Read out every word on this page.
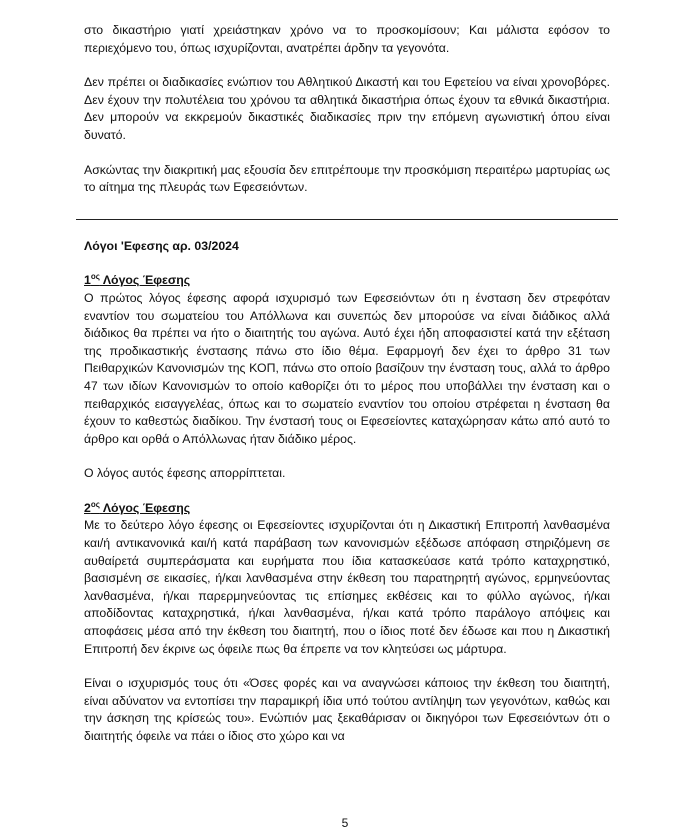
στο δικαστήριο γιατί χρειάστηκαν χρόνο να το προσκομίσουν; Και μάλιστα εφόσον το περιεχόμενο του, όπως ισχυρίζονται, ανατρέπει άρδην τα γεγονότα.

Δεν πρέπει οι διαδικασίες ενώπιον του Αθλητικού Δικαστή και του Εφετείου να είναι χρονοβόρες. Δεν έχουν την πολυτέλεια του χρόνου τα αθλητικά δικαστήρια όπως έχουν τα εθνικά δικαστήρια. Δεν μπορούν να εκκρεμούν δικαστικές διαδικασίες πριν την επόμενη αγωνιστική όπου είναι δυνατό.

Ασκώντας την διακριτική μας εξουσία δεν επιτρέπουμε την προσκόμιση περαιτέρω μαρτυρίας ως το αίτημα της πλευράς των Εφεσειόντων.

Λόγοι 'Εφεσης αρ. 03/2024

$1^{o\varsigma}$ Λόγος Έφεσης

Ο πρώτος λόγος έφεσης αφορά ισχυρισμό των Εφεσειόντων ότι η ένσταση δεν στρεφόταν εναντίον του σωματείου του Απόλλωνα και συνεπώς δεν μπορούσε να είναι διάδικος αλλά διάδικος θα πρέπει να ήτο ο διαιτητής του αγώνα. Αυτό έχει ήδη αποφασιστεί κατά την εξέταση της προδικαστικής ένστασης πάνω στο ίδιο θέμα. Εφαρμογή δεν έχει το άρθρο 31 των Πειθαρχικών Κανονισμών της ΚΟΠ, πάνω στο οποίο βασίζουν την ένσταση τους, αλλά το άρθρο 47 των ιδίων Κανονισμών το οποίο καθορίζει ότι το μέρος που υποβάλλει την ένσταση και ο πειθαρχικός εισαγγελέας, όπως και το σωματείο εναντίον του οποίου στρέφεται η ένσταση θα έχουν το καθεστώς διαδίκου. Την ένστασή τους οι Εφεσείοντες καταχώρησαν κάτω από αυτό το άρθρο και ορθά ο Απόλλωνας ήταν διάδικο μέρος.

Ο λόγος αυτός έφεσης απορρίπτεται.

$2^{o\varsigma}$ Λόγος Έφεσης

Με το δεύτερο λόγο έφεσης οι Εφεσείοντες ισχυρίζονται ότι η Δικαστική Επιτροπή λανθασμένα και/ή αντικανονικά και/ή κατά παράβαση των κανονισμών εξέδωσε απόφαση στηριζόμενη σε αυθαίρετά συμπεράσματα και ευρήματα που ίδια κατασκεύασε κατά τρόπο καταχρηστικό, βασισμένη σε εικασίες, ή/και λανθασμένα στην έκθεση του παρατηρητή αγώνος, ερμηνεύοντας λανθασμένα, ή/και παρερμηνεύοντας τις επίσημες εκθέσεις και το φύλλο αγώνος, ή/και αποδίδοντας καταχρηστικά, ή/και λανθασμένα, ή/και κατά τρόπο παράλογο απόψεις και αποφάσεις μέσα από την έκθεση του διαιτητή, που ο ίδιος ποτέ δεν έδωσε και που η Δικαστική Επιτροπή δεν έκρινε ως όφειλε πως θα έπρεπε να τον κλητεύσει ως μάρτυρα.

Είναι ο ισχυρισμός τους ότι «Όσες φορές και να αναγνώσει κάποιος την έκθεση του διαιτητή, είναι αδύνατον να εντοπίσει την παραμικρή ίδια υπό τούτου αντίληψη των γεγονότων, καθώς και την άσκηση της κρίσεώς του». Ενώπιόν μας ξεκαθάρισαν οι δικηγόροι των Εφεσειόντων ότι ο διαιτητής όφειλε να πάει ο ίδιος στο χώρο και να

5
